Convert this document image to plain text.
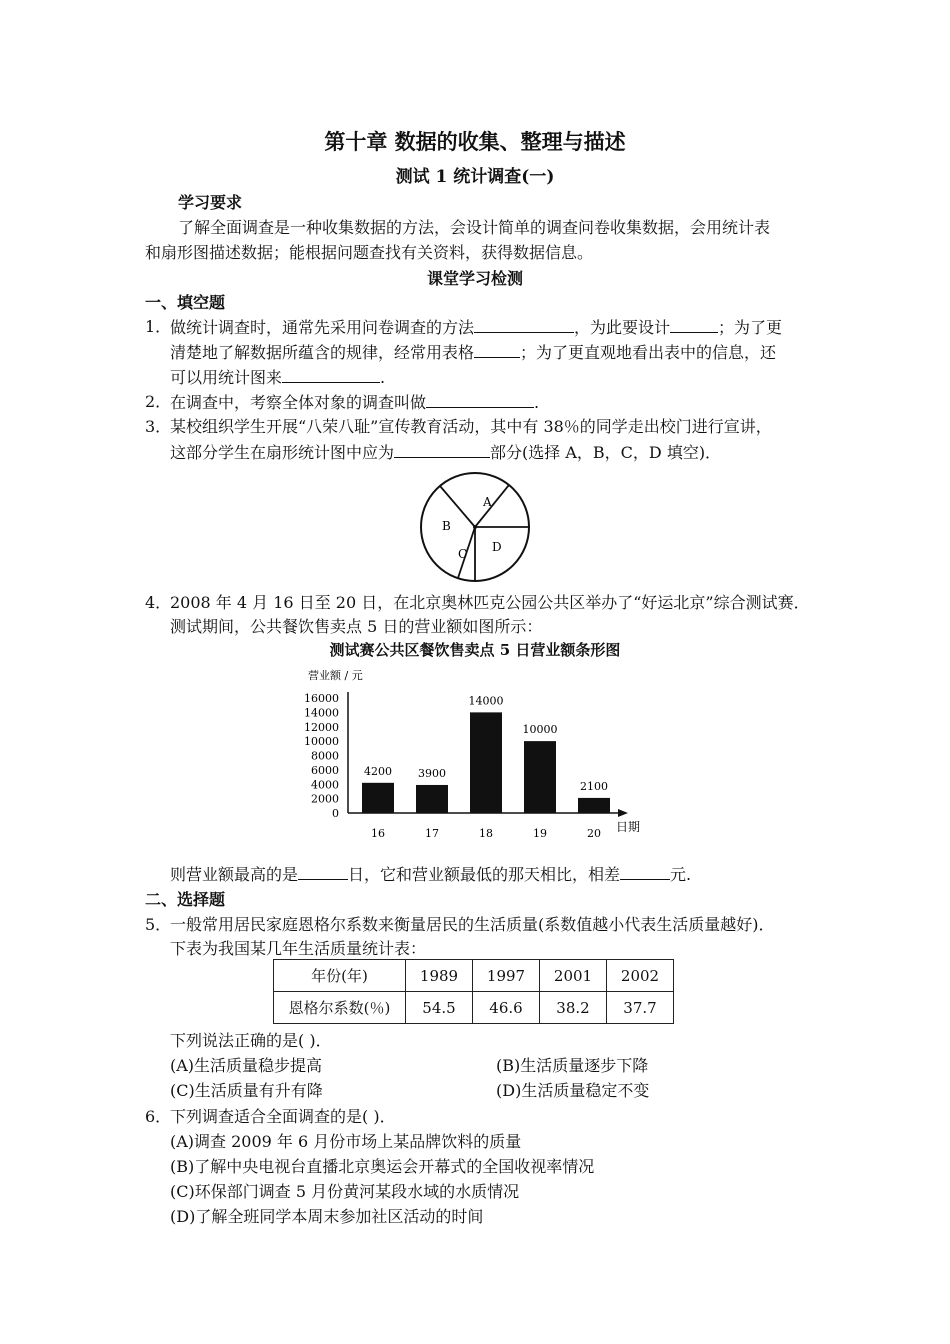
第十章 数据的收集、整理与描述
测试 1 统计调查(一)
学习要求
了解全面调查是一种收集数据的方法，会设计简单的调查问卷收集数据，会用统计表
和扇形图描述数据；能根据问题查找有关资料，获得数据信息。
课堂学习检测
一、填空题
1．
做统计调查时，通常先采用问卷调查的方法	，为此要设计	；为了更
清楚地了解数据所蕴含的规律，经常用表格	；为了更直观地看出表中的信息，还
可以用统计图来	.
2．
在调查中，考察全体对象的调查叫做	.
3．
某校组织学生开展“八荣八耻”宣传教育活动，其中有 38％的同学走出校门进行宣讲，
这部分学生在扇形统计图中应为	部分(选择 A，B，C，D 填空)．
A
B
C D
4．
2008 年 4 月 16 日至 20 日，在北京奥林匹克公园公共区举办了“好运北京”综合测试赛．
测试期间，公共餐饮售卖点 5 日的营业额如图所示：
测试赛公共区餐饮售卖点 5 日营业额条形图
营业额 / 元
0
2000
4000
6000
8000
10000
12000
14000
16000
4200 3900
14000
10000
2100
16	17	18	19	20 日期
则营业额最高的是	日，它和营业额最低的那天相比，相差	元.
二、选择题
5．
一般常用居民家庭恩格尔系数来衡量居民的生活质量(系数值越小代表生活质量越好)．
下表为我国某几年生活质量统计表：
年份(年)	1989	1997	2001	2002
恩格尔系数(％)	54.5	46.6	38.2	37.7
下列说法正确的是( )．
(A)生活质量稳步提高	(B)生活质量逐步下降
(C)生活质量有升有降	(D)生活质量稳定不变
6．
下列调查适合全面调查的是( )．
(A)调查 2009 年 6 月份市场上某品牌饮料的质量
(B)了解中央电视台直播北京奥运会开幕式的全国收视率情况
(C)环保部门调查 5 月份黄河某段水域的水质情况
(D)了解全班同学本周末参加社区活动的时间
